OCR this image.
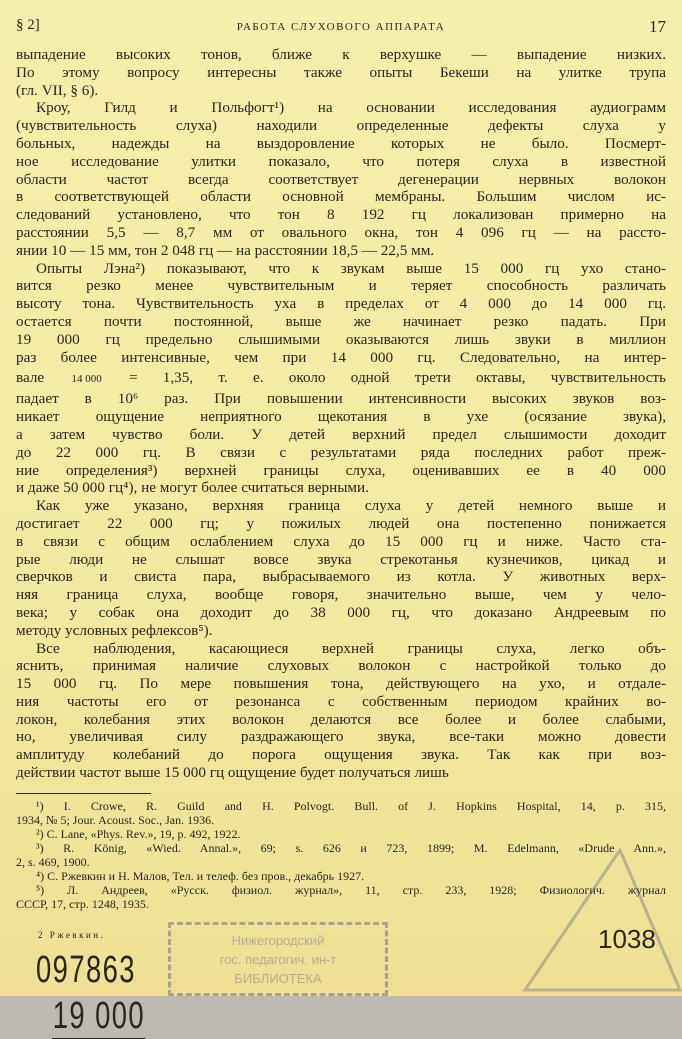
§ 2]	РАБОТА СЛУХОВОГО АППАРАТА	17
выпадение высоких тонов, ближе к верхушке — выпадение низких.
По этому вопросу интересны также опыты Бекеши на улитке трупа
(гл. VII, § 6).
Кроу, Гилд и Польфогт¹) на основании исследования аудиограмм
(чувствительность слуха) находили определенные дефекты слуха у
больных, надежды на выздоровление которых не было. Посмерт-
ное исследование улитки показало, что потеря слуха в известной
области частот всегда соответствует дегенерации нервных волокон
в соответствующей области основной мембраны. Большим числом ис-
следований установлено, что тон 8 192 гц локализован примерно на
расстоянии 5,5 — 8,7 мм от овального окна, тон 4 096 гц — на рассто-
янии 10 — 15 мм, тон 2 048 гц — на расстоянии 18,5 — 22,5 мм.
Опыты Лэна²) показывают, что к звукам выше 15 000 гц ухо стано-
вится резко менее чувствительным и теряет способность различать
высоту тона. Чувствительность уха в пределах от 4 000 до 14 000 гц.
остается почти постоянной, выше же начинает резко падать. При
19 000 гц предельно слышимыми оказываются лишь звуки в миллион
раз более интенсивные, чем при 14 000 гц. Следовательно, на интер-
вале
19 000
14 000 = 1,35, т. е. около одной трети октавы, чувствительность
падает в 10⁶ раз. При повышении интенсивности высоких звуков воз-
никает ощущение неприятного щекотания в ухе (осязание звука),
а затем чувство боли. У детей верхний предел слышимости доходит
до 22 000 гц. В связи с результатами ряда последних работ преж-
ние определения³) верхней границы слуха, оценивавших ее в 40 000
и даже 50 000 гц⁴), не могут более считаться верными.
Как уже указано, верхняя граница слуха у детей немного выше и
достигает 22 000 гц; у пожилых людей она постепенно понижается
в связи с общим ослаблением слуха до 15 000 гц и ниже. Часто ста-
рые люди не слышат вовсе звука стрекотанья кузнечиков, цикад и
сверчков и свиста пара, выбрасываемого из котла. У животных верх-
няя граница слуха, вообще говоря, значительно выше, чем у чело-
века; у собак она доходит до 38 000 гц, что доказано Андреевым по
методу условных рефлексов⁵).
Все наблюдения, касающиеся верхней границы слуха, легко объ-
яснить, принимая наличие слуховых волокон с настройкой только до
15 000 гц. По мере повышения тона, действующего на ухо, и отдале-
ния частоты его от резонанса с собственным периодом крайних во-
локон, колебания этих волокон делаются все более и более слабыми,
но, увеличивая силу раздражающего звука, все-таки можно довести
амплитуду колебаний до порога ощущения звука. Так как при воз-
действии частот выше 15 000 гц ощущение будет получаться лишь
¹) I. Crowe, R. Guild and H. Polvogt. Bull. of J. Hopkins Hospital, 14, p. 315,
1934, № 5; Jour. Acoust. Soc., Jan. 1936.
²) C. Lane, «Phys. Rev.», 19, p. 492, 1922.
³) R. König, «Wied. Annal.», 69; s. 626 и 723, 1899; M. Edelmann, «Drude Ann.»,
2, s. 469, 1900.
⁴) С. Ржевкин и Н. Малов, Тел. и телеф. без пров., декабрь 1927.
⁵) Л. Андреев, «Русск. физиол. журнал», 11, стр. 233, 1928; Физиологич. журнал
СССР, 17, стр. 1248, 1935.
2 Ржевкин.
097863
Нижегородский
гос. педагогич. ин-т
БИБЛИОТЕКА
1038
